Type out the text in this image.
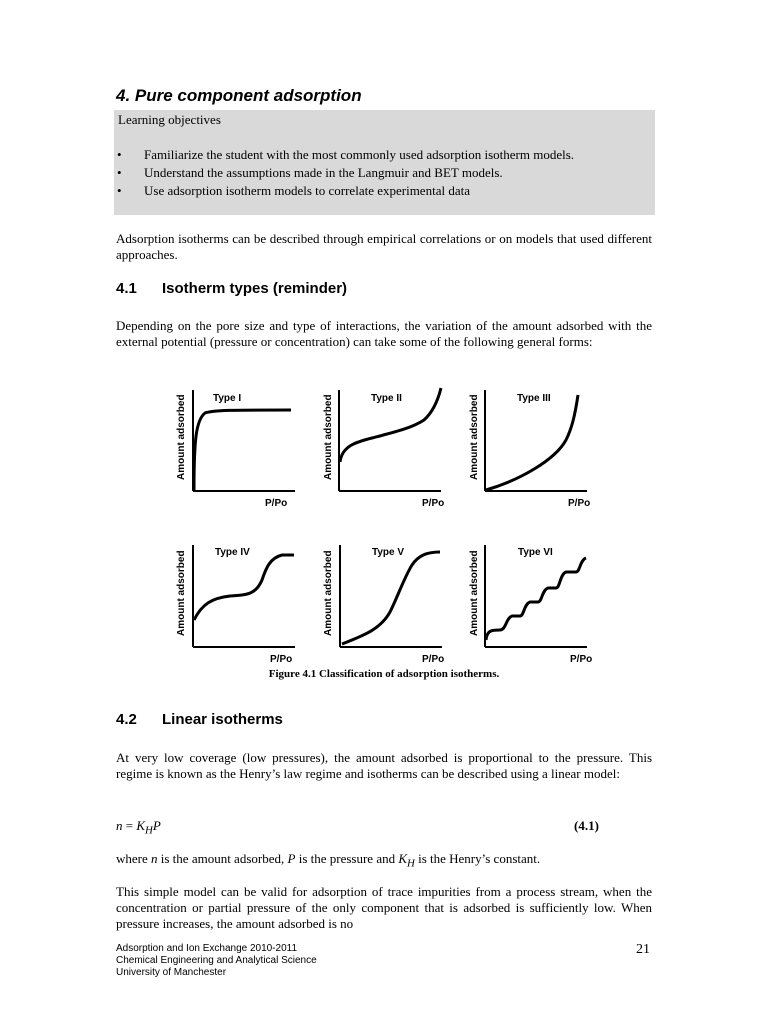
4. Pure component adsorption
Learning objectives
• Familiarize the student with the most commonly used adsorption isotherm models.
• Understand the assumptions made in the Langmuir and BET models.
• Use adsorption isotherm models to correlate experimental data

Adsorption isotherms can be described through empirical correlations or on models that used different approaches.

4.1 Isotherm types (reminder)

Depending on the pore size and type of interactions, the variation of the amount adsorbed with the external potential (pressure or concentration) can take some of the following general forms:

Type I
P/Po
Amount adsorbed	Type II
P/Po
Amount adsorbed	Type III
P/Po
Amount adsorbed
Type IV
P/Po
Amount adsorbed	Type V
P/Po
Amount adsorbed	Type VI
P/Po
Amount adsorbed
Figure 4.1 Classification of adsorption isotherms.
4.2 Linear isotherms

At very low coverage (low pressures), the amount adsorbed is proportional to the pressure. This regime is known as the Henry’s law regime and isotherms can be described using a linear model:

$n = K_HP$	(4.1)

where n is the amount adsorbed, P is the pressure and $K_H$ is the Henry’s constant.

This simple model can be valid for adsorption of trace impurities from a process stream, when the concentration or partial pressure of the only component that is adsorbed is sufficiently low. When pressure increases, the amount adsorbed is no

Adsorption and Ion Exchange 2010-2011
Chemical Engineering and Analytical Science
University of Manchester
21
